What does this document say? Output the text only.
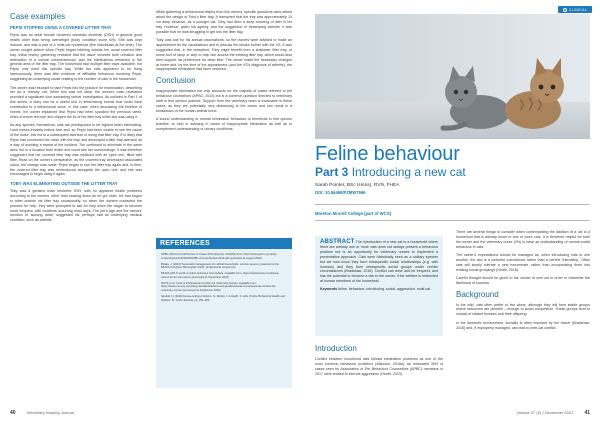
Case examples
PEPSI STOPPED USING A COVERED LITTER TRAY

Pepsi was an adult female neutered domestic shorthair (DSH) in general good health other than being overweight (body condition score 6/9). She was kept indoors, and was a part of a multi-cat household (five individuals at the time). The owner sought advice when Pepsi began toileting outside her usual covered litter tray. Initial history gathering revealed that the issue involved both urination and defecation of a normal volume/amount, and the eliminations remained in the general area of the litter tray. The household had multiple litter trays available, but Pepsi only used this specific tray. While the cats appeared to be living harmoniously, there was little evidence of affiliative behaviour involving Pepsi, suggesting an underlying cause relating to the number of cats in the household.

The owner was reluctant to take Pepsi into the practice for examination, describing her as a 'stressy' cat. While this was not ideal, the owner's main revelation provided a significant clue warranting further investigation. As outlined in Part 1 of this series, a diary can be a useful tool in determining events that could have contributed to a behavioural issue. In this case, when discussing the timeline of events, the owner explained that Pepsi had been spooked the previous week, when a broom fell over and clipped the lid of her litter tray while she was using it.

As any species' themselves, cats are predisposed to be vigilant when eliminating. Loud noises innately induce fear and, so Pepsi had been unable to see the cause of the noise, this led to a subsequent aversion to using that litter tray. It is likely that Pepsi had connected the noise with the tray, and developed a litter tray aversion as a way of avoiding a repeat of the incident. The continued to eliminate in the same area, but in a location from which she could see her surroundings. It was therefore suggested that her covered litter tray was replaced with an open one, filled with litter. Read on the owner's perspective, as the covered tray decreased associated odour, the change was made. Pepsi began to use the litter tray again and, in time, the covered litter tray was reintroduced alongside the open one, and she was encouraged to begin using it again.

TOBY WAS ELIMINATING OUTSIDE THE LITTER TRAY

Toby was a geriatric male neutered DSH, with no apparent health problems according to the owners, other than slowing down as he got older. He had begun to toilet outside his litter tray occasionally, so when the owners contacted the practice for help, they were prompted to ask for help when the began to become more frequent, with incidents occurring most days. The pet's age and the owners' mention of 'slowing down' suggested his perhaps had an underlying medical condition, such as arthritis.

While gathering a behavioural history from the owners, specific questions were asked about the design of Toby's litter tray. It transpired that the tray was approximately 10 cm deep because, as a younger cat, Toby had liked a deep covering of litter in his tray. However, given his ageing, and the suggestion of developing arthritis, it was possible that he was struggling to get into the litter tray.

Toby was due for his annual vaccinations, so the owners were advised to make an appointment for the vaccinations and to discuss the issues further with the VS. It was suggested that, in the meantime, Toby might benefit from a shallower litter tray, or some sort of ramp or step to help him access the existing litter tray, which would also then support his preference for deep litter. The owner made the necessary changes at home and, by the time of the appointment (and the VS's diagnosis of arthritis), the inappropriate elimination had been resolved.

Conclusion

Inappropriate elimination not only accounts for the majority of cases referred to pet behaviour counsellors (APBC, 2014) but is a common question directed to veterinary staff in first opinion practice. Support from the veterinary team is invaluable in these cases, as they are potentially very distressing to the owner and can result in a breakdown of the human-animal bond.

A sound understanding of normal elimination behaviour is beneficial in first opinion practice, to help in advising in cases of inappropriate elimination as well as to complement understanding of urinary conditions.

REFERENCES
APBC (2014) Annual Review of Cases 2014 [Report]. Available from: https://www.apbc.org.uk/wp-content/uploads/2020/05/APBC-Annual-Review-2014.pdf (accessed 11 August 2022)
Bhatia, J. (2022) Successful management of multicat households. Lecture session presented at the BSAVA Congress, Birmingham 2022, Small animal programme
BSAVA (2017) Guide to feline behaviour and welfare. Available from: https://www.bsava.com/bsava-resources-for-cat-owners (accessed 11 September 2022)
RCVS et al. Code of Professional Conduct for Veterinary Nurses. Available from: https://www.rcvs.org.uk/setting-standards/advice-and-guidance/code-of-professional-conduct-for-veterinary-nurses/ (accessed 11 September 2022)
Sandall, H. (2019) House-soiling problems. In: Rodan, I. & Heath, S. (eds.) Feline Behavioral Health and Welfare. St. Louis: Elsevier, pp. 251–265
40	Veterinary Nursing Journal
CLINICAL
Feline behaviour
Part 3 Introducing a new cat
Sarah Pointer, BSc (Hons), RVN, FHEA
DOI: 10.56498/FZMW7966
Moreton Morrell College (part of WCG)
ABSTRACT The introduction of a new cat to a household where there are already one or more cats does not always present a behaviour problem but is an opportunity for veterinary nurses to implement a preventative approach. Cats were historically seen as a solitary species but we now know they form intraspecific social relationships (e.g. with humans) and they form intraspecific social groups under certain circumstances (Bradshaw, 2016). Conflict can arise and be frequent, and has the potential to become a risk to the owner, if the welfare is redirected at human members of the household.
Keywords feline, behaviour, introducing, social, aggression, multi-cat
Introduction

Conflict between household cats follows elimination problems as one of the most common behaviour problems (Atkinson, 2018a). An estimated 35% of cases seen by Association of Pet Behaviour Counsellors (APBC) members in 2017 were related to intercat aggression (Heath, 2019).

There are several things to consider when contemplating the addition of a cat to a household that is already home to one or more cats. It is therefore helpful for both the owner and the veterinary nurse (VN) to have an understanding of normal social behaviour in cats.

The owner's expectations should be managed as, when introducing cats to one another, the aim is a peaceful coexistence rather than a perfect 'friendship'. Often cats will simply tolerate a new housemate, rather than incorporating them into existing social groupings (Heath, 2016).

Careful thought should be given to the choice of new cat in order to maximise the likelihood of success.

Background

In the wild, cats often prefer to live alone, although they will form stable groups where resources are plentiful – enough to avoid competition. These groups tend to consist of related females and their offspring.

In the domestic environment, sociality is often imposed by the owner (Bradshaw, 2016) and, if improperly managed, can lead to inter-cat conflict.

Volume 37 (5) • November 2022 41
